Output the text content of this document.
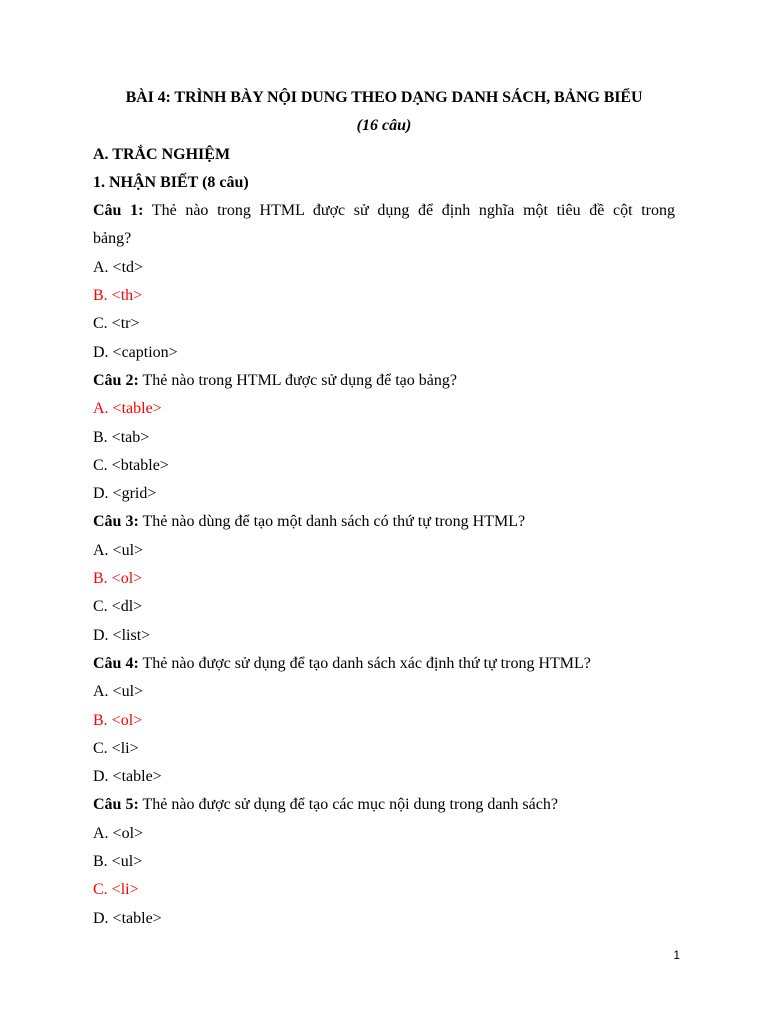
BÀI 4: TRÌNH BÀY NỘI DUNG THEO DẠNG DANH SÁCH, BẢNG BIỂU
(16 câu)
A. TRẮC NGHIỆM
1. NHẬN BIẾT (8 câu)
Câu 1: Thẻ nào trong HTML được sử dụng để định nghĩa một tiêu đề cột trong
bảng?
A. <td>
B. <th>
C. <tr>
D. <caption>
Câu 2: Thẻ nào trong HTML được sử dụng để tạo bảng?
A. <table>
B. <tab>
C. <btable>
D. <grid>
Câu 3: Thẻ nào dùng để tạo một danh sách có thứ tự trong HTML?
A. <ul>
B. <ol>
C. <dl>
D. <list>
Câu 4: Thẻ nào được sử dụng để tạo danh sách xác định thứ tự trong HTML?
A. <ul>
B. <ol>
C. <li>
D. <table>
Câu 5: Thẻ nào được sử dụng để tạo các mục nội dung trong danh sách?
A. <ol>
B. <ul>
C. <li>
D. <table>
1
